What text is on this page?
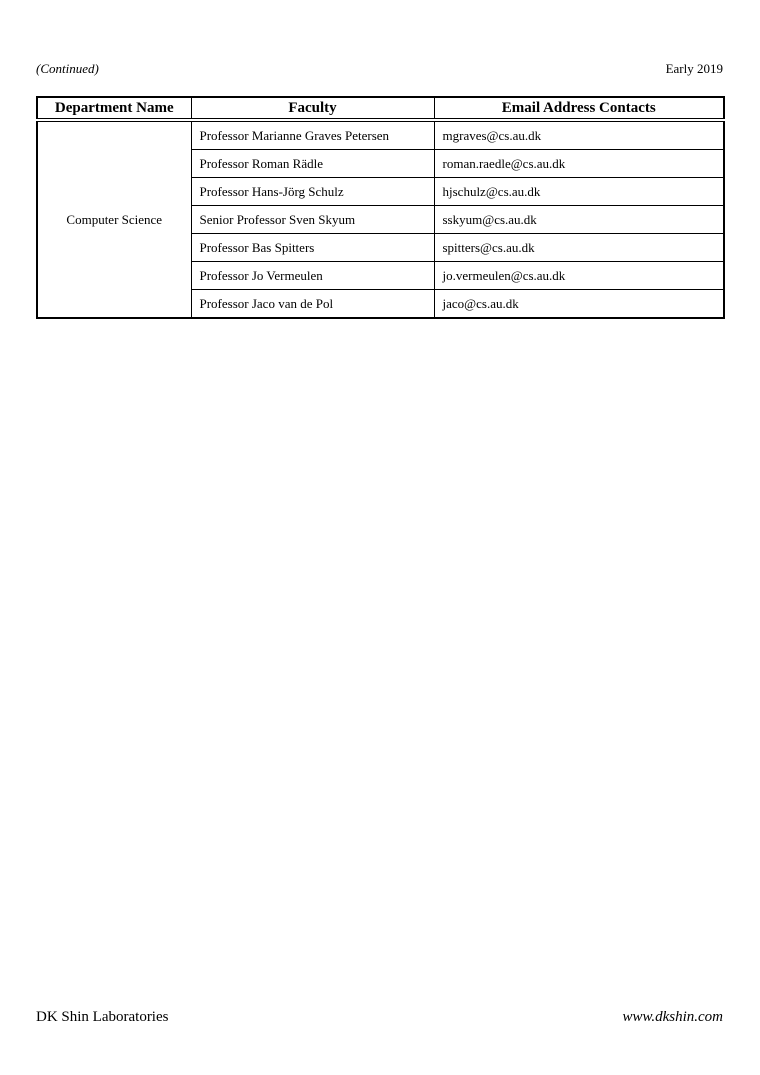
(Continued)	Early 2019
Department Name	Faculty	Email Address Contacts
Computer Science	Professor Marianne Graves Petersen	mgraves@cs.au.dk
	Professor Roman Rädle	roman.raedle@cs.au.dk
	Professor Hans-Jörg Schulz	hjschulz@cs.au.dk
	Senior Professor Sven Skyum	sskyum@cs.au.dk
	Professor Bas Spitters	spitters@cs.au.dk
	Professor Jo Vermeulen	jo.vermeulen@cs.au.dk
	Professor Jaco van de Pol	jaco@cs.au.dk
DK Shin Laboratories	www.dkshin.com
